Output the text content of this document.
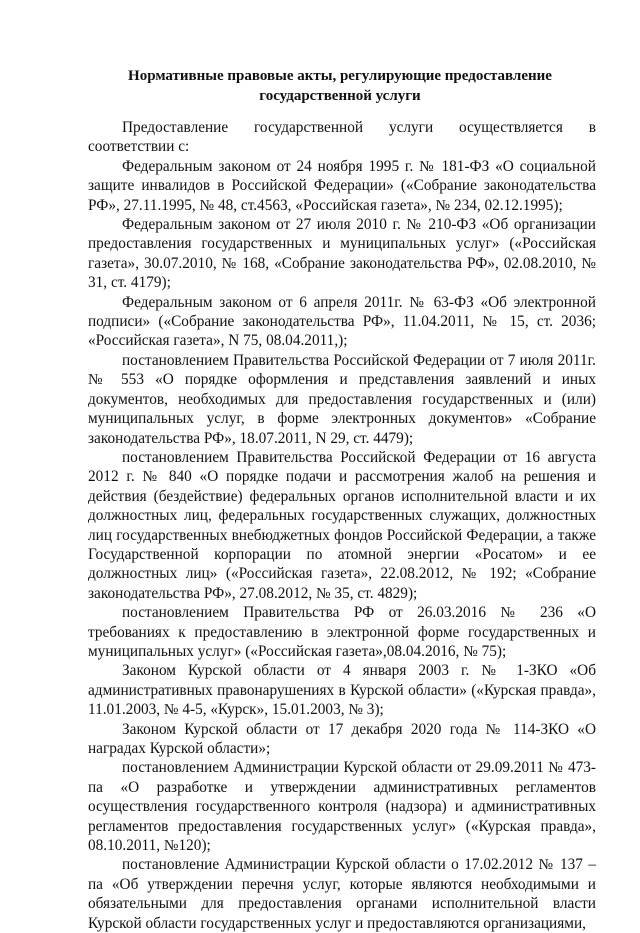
Нормативные правовые акты, регулирующие предоставление
государственной услуги

Предоставление государственной услуги осуществляется в соответствии с:

Федеральным законом от 24 ноября 1995 г. № 181-ФЗ «О социальной защите инвалидов в Российской Федерации» («Собрание законодательства РФ», 27.11.1995, № 48, ст.4563, «Российская газета», № 234, 02.12.1995);

Федеральным законом от 27 июля 2010 г. № 210-ФЗ «Об организации предоставления государственных и муниципальных услуг» («Российская газета», 30.07.2010, № 168, «Собрание законодательства РФ», 02.08.2010, № 31, ст. 4179);

Федеральным законом от 6 апреля 2011г. № 63-ФЗ «Об электронной подписи» («Собрание законодательства РФ», 11.04.2011, № 15, ст. 2036; «Российская газета», N 75, 08.04.2011,);

постановлением Правительства Российской Федерации от 7 июля 2011г. № 553 «О порядке оформления и представления заявлений и иных документов, необходимых для предоставления государственных и (или) муниципальных услуг, в форме электронных документов» «Собрание законодательства РФ», 18.07.2011, N 29, ст. 4479);

постановлением Правительства Российской Федерации от 16 августа 2012 г. № 840 «О порядке подачи и рассмотрения жалоб на решения и действия (бездействие) федеральных органов исполнительной власти и их должностных лиц, федеральных государственных служащих, должностных лиц государственных внебюджетных фондов Российской Федерации, а также Государственной корпорации по атомной энергии «Росатом» и ее должностных лиц» («Российская газета», 22.08.2012, № 192; «Собрание законодательства РФ», 27.08.2012, № 35, ст. 4829);

постановлением Правительства РФ от 26.03.2016 № 236 «О требованиях к предоставлению в электронной форме государственных и муниципальных услуг» («Российская газета»,08.04.2016, № 75);

Законом Курской области от 4 января 2003 г. № 1-ЗКО «Об административных правонарушениях в Курской области» («Курская правда», 11.01.2003, № 4-5, «Курск», 15.01.2003, № 3);

Законом Курской области от 17 декабря 2020 года № 114-ЗКО «О наградах Курской области»;

постановлением Администрации Курской области от 29.09.2011 № 473-па «О разработке и утверждении административных регламентов осуществления государственного контроля (надзора) и административных регламентов предоставления государственных услуг» («Курская правда», 08.10.2011, №120);

постановление Администрации Курской области о 17.02.2012 № 137 – па «Об утверждении перечня услуг, которые являются необходимыми и обязательными для предоставления органами исполнительной власти Курской области государственных услуг и предоставляются организациями,
